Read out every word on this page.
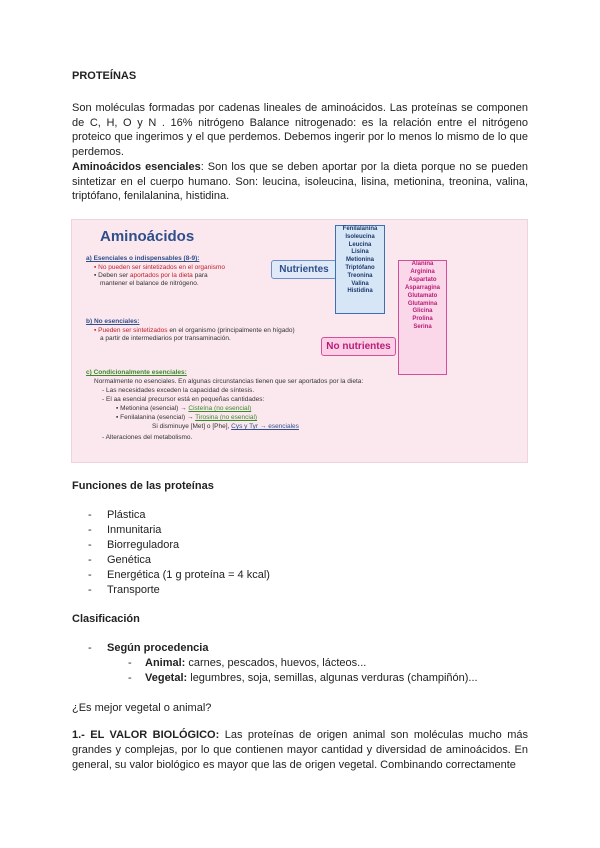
PROTEÍNAS

Son moléculas formadas por cadenas lineales de aminoácidos. Las proteínas se componen de C, H, O y N . 16% nitrógeno Balance nitrogenado: es la relación entre el nitrógeno proteico que ingerimos y el que perdemos. Debemos ingerir por lo menos lo mismo de lo que perdemos.

Aminoácidos esenciales: Son los que se deben aportar por la dieta porque no se pueden sintetizar en el cuerpo humano. Son: leucina, isoleucina, lisina, metionina, treonina, valina, triptófano, fenilalanina, histidina.

Aminoácidos
a) Esenciales o indispensables (8-9):
▪ No pueden ser sintetizados en el organismo
▪ Deben ser aportados por la dieta para
mantener el balance de nitrógeno.
Nutrientes
Fenilalanina
Isoleucina
Leucina
Lisina
Metionina
Triptófano
Treonina
Valina
Histidina
b) No esenciales:
▪ Pueden ser sintetizados en el organismo (principalmente en hígado)
a partir de intermediarios por transaminación.
No nutrientes
Alanina
Arginina
Aspartato
Asparragina
Glutamato
Glutamina
Glicina
Prolina
Serina
c) Condicionalmente esenciales:
Normalmente no esenciales. En algunas circunstancias tienen que ser aportados por la dieta:
- Las necesidades exceden la capacidad de síntesis.
- El aa esencial precursor está en pequeñas cantidades:
▪ Metionina (esencial) → Cisteína (no esencial)
▪ Fenilalanina (esencial) → Tirosina (no esencial)
Si disminuye [Met] o [Phe], Cys y Tyr → esenciales
- Alteraciones del metabolismo.
Funciones de las proteínas
- Plástica
- Inmunitaria
- Biorreguladora
- Genética
- Energética (1 g proteína = 4 kcal)
- Transporte
Clasificación
- Según procedencia
- Animal: carnes, pescados, huevos, lácteos...
- Vegetal: legumbres, soja, semillas, algunas verduras (champiñón)...

¿Es mejor vegetal o animal?

1.- EL VALOR BIOLÓGICO: Las proteínas de origen animal son moléculas mucho más grandes y complejas, por lo que contienen mayor cantidad y diversidad de aminoácidos. En general, su valor biológico es mayor que las de origen vegetal. Combinando correctamente
